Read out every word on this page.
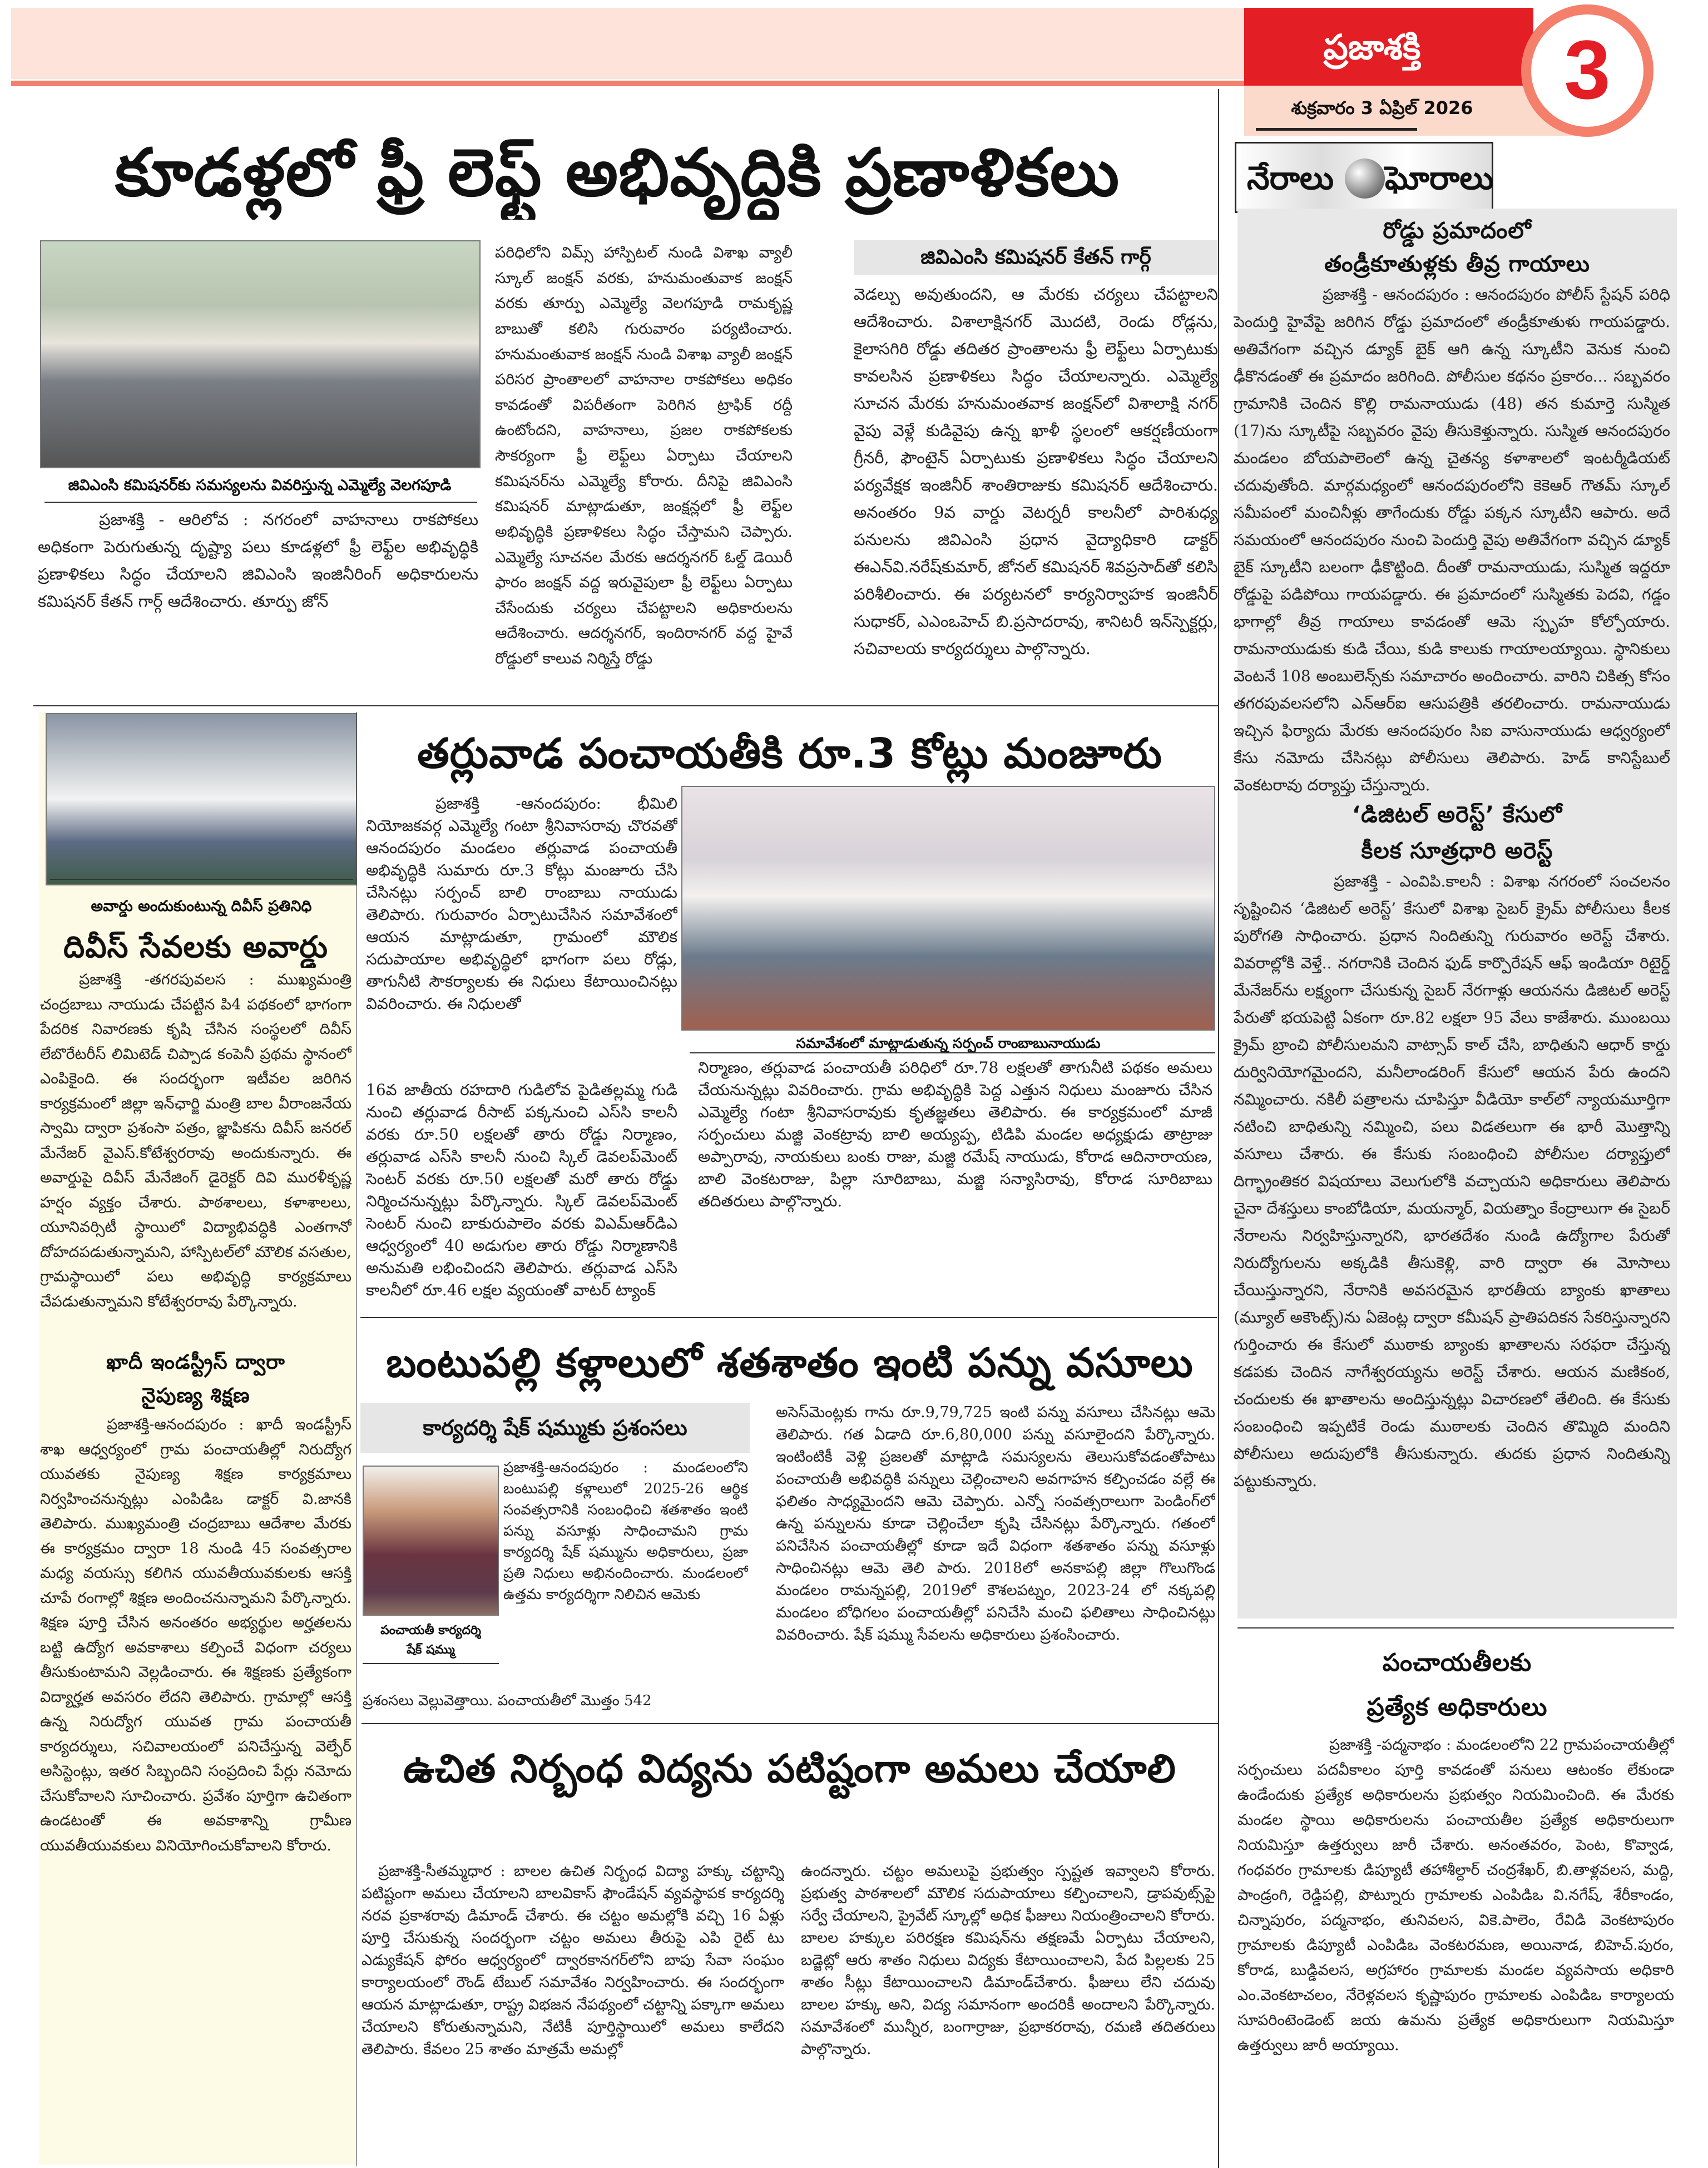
ప్రజాశక్తి	3
శుక్రవారం 3 ఏప్రిల్ 2026
నేరాలు ఘోరాలు
కూడళ్లలో ఫ్రీ లెఫ్ట్ అభివృద్ధికి ప్రణాళికలు
జివిఎంసి కమిషనర్‌కు సమస్యలను వివరిస్తున్న ఎమ్మెల్యే వెలగపూడి

ప్రజాశక్తి - ఆరిలోవ : నగరంలో వాహనాలు రాకపోకలు అధికంగా పెరుగుతున్న దృష్ట్యా పలు కూడళ్లలో ఫ్రీ లెఫ్ట్‌ల అభివృద్ధికి ప్రణాళికలు సిద్ధం చేయాలని జివిఎంసి ఇంజినీరింగ్ అధికారులను కమిషనర్ కేతన్ గార్గ్ ఆదేశించారు. తూర్పు జోన్

పరిధిలోని విమ్స్ హాస్పిటల్ నుండి విశాఖ వ్యాలీ స్కూల్ జంక్షన్ వరకు, హనుమంతువాక జంక్షన్ వరకు తూర్పు ఎమ్మెల్యే వెలగపూడి రామకృష్ణ బాబుతో కలిసి గురువారం పర్యటించారు. హనుమంతువాక జంక్షన్ నుండి విశాఖ వ్యాలీ జంక్షన్ పరిసర ప్రాంతాలలో వాహనాల రాకపోకలు అధికం కావడంతో విపరీతంగా పెరిగిన ట్రాఫిక్ రద్దీ ఉంటోందని, వాహనాలు, ప్రజల రాకపోకలకు సౌకర్యంగా ఫ్రీ లెఫ్ట్‌లు ఏర్పాటు చేయాలని కమిషనర్‌ను ఎమ్మెల్యే కోరారు. దీనిపై జివిఎంసి కమిషనర్ మాట్లాడుతూ, జంక్షన్లలో ఫ్రీ లెఫ్ట్‌ల అభివృద్ధికి ప్రణాళికలు సిద్ధం చేస్తామని చెప్పారు. ఎమ్మెల్యే సూచనల మేరకు ఆదర్శనగర్ ఓల్డ్ డెయిరీ ఫారం జంక్షన్ వద్ద ఇరువైపులా ఫ్రీ లెఫ్ట్‌లు ఏర్పాటు చేసేందుకు చర్యలు చేపట్టాలని అధికారులను ఆదేశించారు. ఆదర్శనగర్, ఇందిరానగర్ వద్ద హైవే రోడ్డులో కాలువ నిర్మిస్తే రోడ్డు

జివిఎంసి కమిషనర్ కేతన్ గార్గ్

వెడల్పు అవుతుందని, ఆ మేరకు చర్యలు చేపట్టాలని ఆదేశించారు. విశాలాక్షినగర్ మొదటి, రెండు రోడ్లను, కైలాసగిరి రోడ్డు తదితర ప్రాంతాలను ఫ్రీ లెఫ్ట్‌లు ఏర్పాటుకు కావలసిన ప్రణాళికలు సిద్ధం చేయాలన్నారు. ఎమ్మెల్యే సూచన మేరకు హనుమంతవాక జంక్షన్‌లో విశాలాక్షి నగర్ వైపు వెళ్లే కుడివైపు ఉన్న ఖాళీ స్థలంలో ఆకర్షణీయంగా గ్రీనరీ, ఫౌంటైన్ ఏర్పాటుకు ప్రణాళికలు సిద్ధం చేయాలని పర్యవేక్షక ఇంజినీర్ శాంతిరాజుకు కమిషనర్ ఆదేశించారు. అనంతరం 9వ వార్డు వెటర్నరీ కాలనీలో పారిశుధ్య పనులను జివిఎంసి ప్రధాన వైద్యాధికారి డాక్టర్ ఈఎన్‌వి.నరేష్‌కుమార్, జోనల్ కమిషనర్ శివప్రసాద్‌తో కలిసి పరిశీలించారు. ఈ పర్యటనలో కార్యనిర్వాహక ఇంజినీర్ సుధాకర్, ఎఎంఒహెచ్ బి.ప్రసాదరావు, శానిటరీ ఇన్‌స్పెక్టర్లు, సచివాలయ కార్యదర్శులు పాల్గొన్నారు.

అవార్డు అందుకుంటున్న దివీస్ ప్రతినిధి
దివీస్ సేవలకు అవార్డు

ప్రజాశక్తి -తగరపువలస : ముఖ్యమంత్రి చంద్రబాబు నాయుడు చేపట్టిన పి4 పథకంలో భాగంగా పేదరిక నివారణకు కృషి చేసిన సంస్థలలో దివీస్ లేబొరేటరీస్ లిమిటెడ్ చిప్పాడ కంపెనీ ప్రథమ స్థానంలో ఎంపికైంది. ఈ సందర్భంగా ఇటీవల జరిగిన కార్యక్రమంలో జిల్లా ఇన్‌ఛార్జి మంత్రి బాల వీరాంజనేయ స్వామి ద్వారా ప్రశంసా పత్రం, జ్ఞాపికను దివీస్ జనరల్ మేనేజర్ వైఎస్.కోటేశ్వరరావు అందుకున్నారు. ఈ అవార్డుపై దివీస్ మేనేజింగ్ డైరెక్టర్ దివి మురళీకృష్ణ హర్షం వ్యక్తం చేశారు. పాఠశాలలు, కళాశాలలు, యూనివర్సిటీ స్థాయిలో విద్యాభివద్ధికి ఎంతగానో దోహదపడుతున్నామని, హాస్పిటల్‌లో మౌలిక వసతుల, గ్రామస్థాయిలో పలు అభివృద్ధి కార్యక్రమాలు చేపడుతున్నామని కోటేశ్వరరావు పేర్కొన్నారు.

ఖాదీ ఇండస్ట్రీస్ ద్వారా
నైపుణ్య శిక్షణ

ప్రజాశక్తి-ఆనందపురం : ఖాదీ ఇండస్ట్రీస్ శాఖ ఆధ్వర్యంలో గ్రామ పంచాయతీల్లో నిరుద్యోగ యువతకు నైపుణ్య శిక్షణ కార్యక్రమాలు నిర్వహించనున్నట్లు ఎంపిడిఒ డాక్టర్ వి.జానకి తెలిపారు. ముఖ్యమంత్రి చంద్రబాబు ఆదేశాల మేరకు ఈ కార్యక్రమం ద్వారా 18 నుండి 45 సంవత్సరాల మధ్య వయస్సు కలిగిన యువతీయువకులకు ఆసక్తి చూపే రంగాల్లో శిక్షణ అందించనున్నామని పేర్కొన్నారు. శిక్షణ పూర్తి చేసిన అనంతరం అభ్యర్థుల అర్హతలను బట్టి ఉద్యోగ అవకాశాలు కల్పించే విధంగా చర్యలు తీసుకుంటామని వెల్లడించారు. ఈ శిక్షణకు ప్రత్యేకంగా విద్యార్హత అవసరం లేదని తెలిపారు. గ్రామాల్లో ఆసక్తి ఉన్న నిరుద్యోగ యువత గ్రామ పంచాయతీ కార్యదర్శులు, సచివాలయంలో పనిచేస్తున్న వెల్ఫేర్ అసిస్టెంట్లు, ఇతర సిబ్బందిని సంప్రదించి పేర్లు నమోదు చేసుకోవాలని సూచించారు. ప్రవేశం పూర్తిగా ఉచితంగా ఉండటంతో ఈ అవకాశాన్ని గ్రామీణ యువతీయువకులు వినియోగించుకోవాలని కోరారు.

తర్లువాడ పంచాయతీకి రూ.3 కోట్లు మంజూరు

ప్రజాశక్తి -ఆనందపురం: భీమిలి నియోజకవర్గ ఎమ్మెల్యే గంటా శ్రీనివాసరావు చొరవతో ఆనందపురం మండలం తర్లువాడ పంచాయతీ అభివృద్ధికి సుమారు రూ.3 కోట్లు మంజూరు చేసి చేసినట్లు సర్పంచ్ బాలి రాంబాబు నాయుడు తెలిపారు. గురువారం ఏర్పాటుచేసిన సమావేశంలో ఆయన మాట్లాడుతూ, గ్రామంలో మౌలిక సదుపాయాల అభివృద్ధిలో భాగంగా పలు రోడ్లు, తాగునీటి సౌకర్యాలకు ఈ నిధులు కేటాయించినట్లు వివరించారు. ఈ నిధులతో

సమావేశంలో మాట్లాడుతున్న సర్పంచ్ రాంబాబునాయుడు

16వ జాతీయ రహదారి గుడిలోవ పైడితల్లమ్మ గుడి నుంచి తర్లువాడ రీసాట్ పక్కనుంచి ఎస్‌సి కాలనీ వరకు రూ.50 లక్షలతో తారు రోడ్డు నిర్మాణం, తర్లువాడ ఎస్‌సి కాలనీ నుంచి స్కిల్ డెవలప్‌మెంట్ సెంటర్ వరకు రూ.50 లక్షలతో మరో తారు రోడ్డు నిర్మించనున్నట్లు పేర్కొన్నారు. స్కిల్ డెవలప్‌మెంట్ సెంటర్ నుంచి బాకురుపాలెం వరకు విఎమ్‌ఆర్‌డిఎ ఆధ్వర్యంలో 40 అడుగుల తారు రోడ్డు నిర్మాణానికి అనుమతి లభించిందని తెలిపారు. తర్లువాడ ఎస్‌సి కాలనీలో రూ.46 లక్షల వ్యయంతో వాటర్ ట్యాంక్

నిర్మాణం, తర్లువాడ పంచాయతీ పరిధిలో రూ.78 లక్షలతో తాగునీటి పథకం అమలు చేయనున్నట్లు వివరించారు. గ్రామ అభివృద్ధికి పెద్ద ఎత్తున నిధులు మంజూరు చేసిన ఎమ్మెల్యే గంటా శ్రీనివాసరావుకు కృతజ్ఞతలు తెలిపారు. ఈ కార్యక్రమంలో మాజీ సర్పంచులు మజ్జి వెంకట్రావు బాలి అయ్యప్ప, టిడిపి మండల అధ్యక్షుడు తాట్రాజు అప్పారావు, నాయకులు బంకు రాజు, మజ్జి రమేష్ నాయుడు, కోరాడ ఆదినారాయణ, బాలి వెంకటరాజు, పిల్లా సూరిబాబు, మజ్జి సన్యాసిరావు, కోరాడ సూరిబాబు తదితరులు పాల్గొన్నారు.

బంటుపల్లి కళ్లాలులో శతశాతం ఇంటి పన్ను వసూలు
కార్యదర్శి షేక్ షమ్ముకు ప్రశంసలు
పంచాయతీ కార్యదర్శి
షేక్ షమ్ము

ప్రజాశక్తి-ఆనందపురం : మండలంలోని బంటుపల్లి కళ్లాలులో 2025-26 ఆర్థిక సంవత్సరానికి సంబంధించి శతశాతం ఇంటి పన్ను వసూళ్లు సాధించామని గ్రామ కార్యదర్శి షేక్ షమ్మును అధికారులు, ప్రజా ప్రతి నిధులు అభినందించారు. మండలంలో ఉత్తమ కార్యదర్శిగా నిలిచిన ఆమెకు

ప్రశంసలు వెల్లువెత్తాయి. పంచాయతీలో మొత్తం 542

అసెస్‌మెంట్లకు గాను రూ.9,79,725 ఇంటి పన్ను వసూలు చేసినట్లు ఆమె తెలిపారు. గత ఏడాది రూ.6,80,000 పన్ను వసూలైందని పేర్కొన్నారు. ఇంటింటికీ వెళ్లి ప్రజలతో మాట్లాడి సమస్యలను తెలుసుకోవడంతోపాటు పంచాయతీ అభివద్ధికి పన్నులు చెల్లించాలని అవగాహన కల్పించడం వల్లే ఈ ఫలితం సాధ్యమైందని ఆమె చెప్పారు. ఎన్నో సంవత్సరాలుగా పెండింగ్‌లో ఉన్న పన్నులను కూడా చెల్లించేలా కృషి చేసినట్లు పేర్కొన్నారు. గతంలో పనిచేసిన పంచాయతీల్లో కూడా ఇదే విధంగా శతశాతం పన్ను వసూళ్లు సాధించినట్లు ఆమె తెలి పారు. 2018లో అనకాపల్లి జిల్లా గొలుగొండ మండలం రామన్నపల్లి, 2019లో కౌశలపట్నం, 2023-24 లో నక్కపల్లి మండలం బోధిగలం పంచాయతీల్లో పనిచేసి మంచి ఫలితాలు సాధించినట్లు వివరించారు. షేక్ షమ్ము సేవలను అధికారులు ప్రశంసించారు.

ఉచిత నిర్బంధ విద్యను పటిష్టంగా అమలు చేయాలి

ప్రజాశక్తి-సీతమ్మధార : బాలల ఉచిత నిర్బంధ విద్యా హక్కు చట్టాన్ని పటిష్టంగా అమలు చేయాలని బాలవికాస్ ఫౌండేషన్ వ్యవస్థాపక కార్యదర్శి నరవ ప్రకాశరావు డిమాండ్ చేశారు. ఈ చట్టం అమల్లోకి వచ్చి 16 ఏళ్లు పూర్తి చేసుకున్న సందర్భంగా చట్టం అమలు తీరుపై ఎపి రైట్ టు ఎడ్యుకేషన్ ఫోరం ఆధ్వర్యంలో ద్వారకానగర్‌లోని బాపు సేవా సంఘం కార్యాలయంలో రౌండ్ టేబుల్ సమావేశం నిర్వహించారు. ఈ సందర్భంగా ఆయన మాట్లాడుతూ, రాష్ట్ర విభజన నేపథ్యంలో చట్టాన్ని పక్కాగా అమలు చేయాలని కోరుతున్నామని, నేటికీ పూర్తిస్థాయిలో అమలు కాలేదని తెలిపారు. కేవలం 25 శాతం మాత్రమే అమల్లో

ఉందన్నారు. చట్టం అమలుపై ప్రభుత్వం స్పష్టత ఇవ్వాలని కోరారు. ప్రభుత్వ పాఠశాలలో మౌలిక సదుపాయాలు కల్పించాలని, డ్రాపవుట్స్‌పై సర్వే చేయాలని, ప్రైవేట్ స్కూల్లో అధిక ఫీజులు నియంత్రించాలని కోరారు. బాలల హక్కుల పరిరక్షణ కమిషన్‌ను తక్షణమే ఏర్పాటు చేయాలని, బడ్జెట్లో ఆరు శాతం నిధులు విద్యకు కేటాయించాలని, పేద పిల్లలకు 25 శాతం సీట్లు కేటాయించాలని డిమాండ్‌చేశారు. ఫీజులు లేని చదువు బాలల హక్కు అని, విద్య సమానంగా అందరికీ అందాలని పేర్కొన్నారు. సమావేశంలో మున్నీర, బంగార్రాజు, ప్రభాకరరావు, రమణి తదితరులు పాల్గొన్నారు.

రోడ్డు ప్రమాదంలో
తండ్రీకూతుళ్లకు తీవ్ర గాయాలు

ప్రజాశక్తి - ఆనందపురం : ఆనందపురం పోలీస్ స్టేషన్ పరిధి పెందుర్తి హైవేపై జరిగిన రోడ్డు ప్రమాదంలో తండ్రీకూతుళు గాయపడ్డారు. అతివేగంగా వచ్చిన డ్యూక్ బైక్ ఆగి ఉన్న స్కూటీని వెనుక నుంచి ఢీకొనడంతో ఈ ప్రమాదం జరిగింది. పోలీసుల కథనం ప్రకారం... సబ్బవరం గ్రామానికి చెందిన కొల్లి రామనాయుడు (48) తన కుమార్తె సుస్మిత (17)ను స్కూటీపై సబ్బవరం వైపు తీసుకెళ్తున్నారు. సుస్మిత ఆనందపురం మండలం బోయపాలెంలో ఉన్న చైతన్య కళాశాలలో ఇంటర్మీడియట్ చదువుతోంది. మార్గమధ్యంలో ఆనందపురంలోని కెకెఆర్ గౌతమ్ స్కూల్ సమీపంలో మంచినీళ్లు తాగేందుకు రోడ్డు పక్కన స్కూటీని ఆపారు. అదే సమయంలో ఆనందపురం నుంచి పెందుర్తి వైపు అతివేగంగా వచ్చిన డ్యూక్ బైక్ స్కూటీని బలంగా ఢీకొట్టింది. దీంతో రామనాయుడు, సుస్మిత ఇద్దరూ రోడ్డుపై పడిపోయి గాయపడ్డారు. ఈ ప్రమాదంలో సుస్మితకు పెదవి, గడ్డం భాగాల్లో తీవ్ర గాయాలు కావడంతో ఆమె స్పృహ కోల్పోయారు. రామనాయుడుకు కుడి చేయి, కుడి కాలుకు గాయాలయ్యాయి. స్థానికులు వెంటనే 108 అంబులెన్స్‌కు సమాచారం అందించారు. వారిని చికిత్స కోసం తగరపువలసలోని ఎన్‌ఆర్‌ఐ ఆసుపత్రికి తరలించారు. రామనాయుడు ఇచ్చిన ఫిర్యాదు మేరకు ఆనందపురం సిఐ వాసునాయుడు ఆధ్వర్యంలో కేసు నమోదు చేసినట్లు పోలీసులు తెలిపారు. హెడ్ కానిస్టేబుల్ వెంకటరావు దర్యాప్తు చేస్తున్నారు.

‘డిజిటల్ అరెస్ట్’ కేసులో
కీలక సూత్రధారి అరెస్ట్

ప్రజాశక్తి - ఎంవిపి.కాలనీ : విశాఖ నగరంలో సంచలనం సృష్టించిన ‘డిజిటల్ అరెస్ట్’ కేసులో విశాఖ సైబర్ క్రైమ్ పోలీసులు కీలక పురోగతి సాధించారు. ప్రధాన నిందితున్ని గురువారం అరెస్ట్ చేశారు. వివరాల్లోకి వెళ్తే.. నగరానికి చెందిన ఫుడ్ కార్పొరేషన్ ఆఫ్ ఇండియా రిటైర్డ్ మేనేజర్‌ను లక్ష్యంగా చేసుకున్న సైబర్ నేరగాళ్లు ఆయనను డిజిటల్ అరెస్ట్ పేరుతో భయపెట్టి ఏకంగా రూ.82 లక్షలా 95 వేలు కాజేశారు. ముంబయి క్రైమ్ బ్రాంచి పోలీసులమని వాట్సాప్ కాల్ చేసి, బాధితుని ఆధార్ కార్డు దుర్వినియోగమైందని, మనీలాండరింగ్ కేసులో ఆయన పేరు ఉందని నమ్మించారు. నకిలీ పత్రాలను చూపిస్తూ వీడియో కాల్‌లో న్యాయమూర్తిగా నటించి బాధితున్ని నమ్మించి, పలు విడతలుగా ఈ భారీ మొత్తాన్ని వసూలు చేశారు. ఈ కేసుకు సంబంధించి పోలీసుల దర్యాప్తులో దిగ్భ్రాంతికర విషయాలు వెలుగులోకి వచ్చాయని అధికారులు తెలిపారు చైనా దేశస్తులు కాంబోడియా, మయన్మార్, వియత్నాం కేంద్రాలుగా ఈ సైబర్ నేరాలను నిర్వహిస్తున్నారని, భారతదేశం నుండి ఉద్యోగాల పేరుతో నిరుద్యోగులను అక్కడికి తీసుకెళ్లి, వారి ద్వారా ఈ మోసాలు చేయిస్తున్నారని, నేరానికి అవసరమైన భారతీయ బ్యాంకు ఖాతాలు (మ్యూల్ అకౌంట్స్)ను ఏజెంట్ల ద్వారా కమీషన్ ప్రాతిపదికన సేకరిస్తున్నారని గుర్తించారు ఈ కేసులో ముఠాకు బ్యాంకు ఖాతాలను సరఫరా చేస్తున్న కడపకు చెందిన నాగేశ్వరయ్యను అరెస్ట్ చేశారు. ఆయన మణికంఠ, చందులకు ఈ ఖాతాలను అందిస్తున్నట్లు విచారణలో తేలింది. ఈ కేసుకు సంబంధించి ఇప్పటికే రెండు ముఠాలకు చెందిన తొమ్మిది మందిని పోలీసులు అదుపులోకి తీసుకున్నారు. తుదకు ప్రధాన నిందితున్ని పట్టుకున్నారు.

పంచాయతీలకు
ప్రత్యేక అధికారులు

ప్రజాశక్తి -పద్మనాభం : మండలంలోని 22 గ్రామపంచాయతీల్లో సర్పంచులు పదవీకాలం పూర్తి కావడంతో పనులు ఆటంకం లేకుండా ఉండేందుకు ప్రత్యేక అధికారులను ప్రభుత్వం నియమించింది. ఈ మేరకు మండల స్థాయి అధికారులను పంచాయతీల ప్రత్యేక అధికారులుగా నియమిస్తూ ఉత్తర్వులు జారీ చేశారు. అనంతవరం, పెంట, కొవ్వాడ, గంధవరం గ్రామాలకు డిప్యూటీ తహాశీల్దార్ చంద్రశేఖర్, బి.తాళ్లవలస, మద్ది, పాండ్రంగి, రెడ్డిపల్లి, పొట్నూరు గ్రామాలకు ఎంపిడిఒ వి.నగేష్, శేరీకాండం, చిన్నాపురం, పద్మనాభం, తునివలస, వికె.పాలెం, రేవిడి వెంకటాపురం గ్రామాలకు డిప్యూటీ ఎంపిడిఒ వెంకటరమణ, అయినాడ, బిహెచ్.పురం, కోరాడ, బుడ్డివలస, అగ్రహారం గ్రామాలకు మండల వ్యవసాయ అధికారి ఎం.వెంకటాచలం, నేరెళ్లవలస కృష్ణాపురం గ్రామాలకు ఎంపిడిఒ కార్యాలయ సూపరింటెండెంట్ జయ ఉమను ప్రత్యేక అధికారులుగా నియమిస్తూ ఉత్తర్వులు జారీ అయ్యాయి.
